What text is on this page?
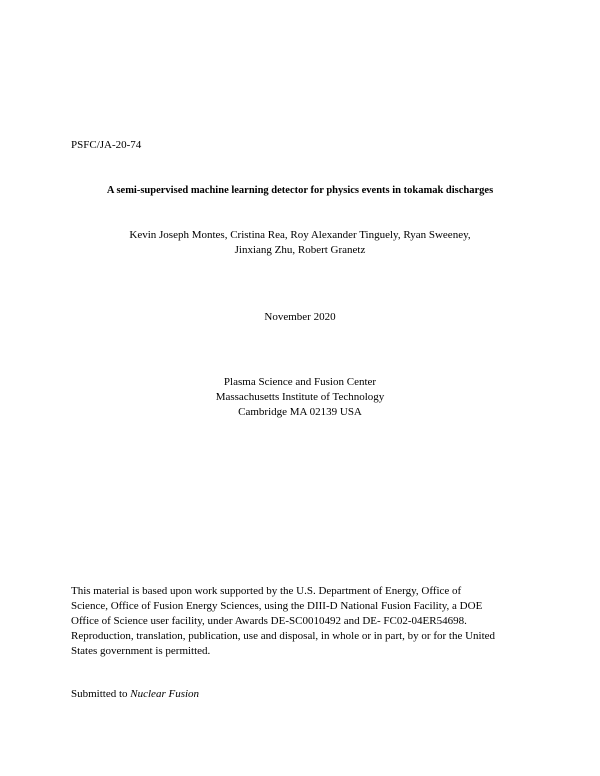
PSFC/JA-20-74
A semi-supervised machine learning detector for physics events in tokamak discharges
Kevin Joseph Montes, Cristina Rea, Roy Alexander Tinguely, Ryan Sweeney,
Jinxiang Zhu, Robert Granetz
November 2020
Plasma Science and Fusion Center
Massachusetts Institute of Technology
Cambridge MA 02139 USA
This material is based upon work supported by the U.S. Department of Energy, Office of
Science, Office of Fusion Energy Sciences, using the DIII-D National Fusion Facility, a DOE
Office of Science user facility, under Awards DE-SC0010492 and DE- FC02-04ER54698.
Reproduction, translation, publication, use and disposal, in whole or in part, by or for the United
States government is permitted.
Submitted to Nuclear Fusion
